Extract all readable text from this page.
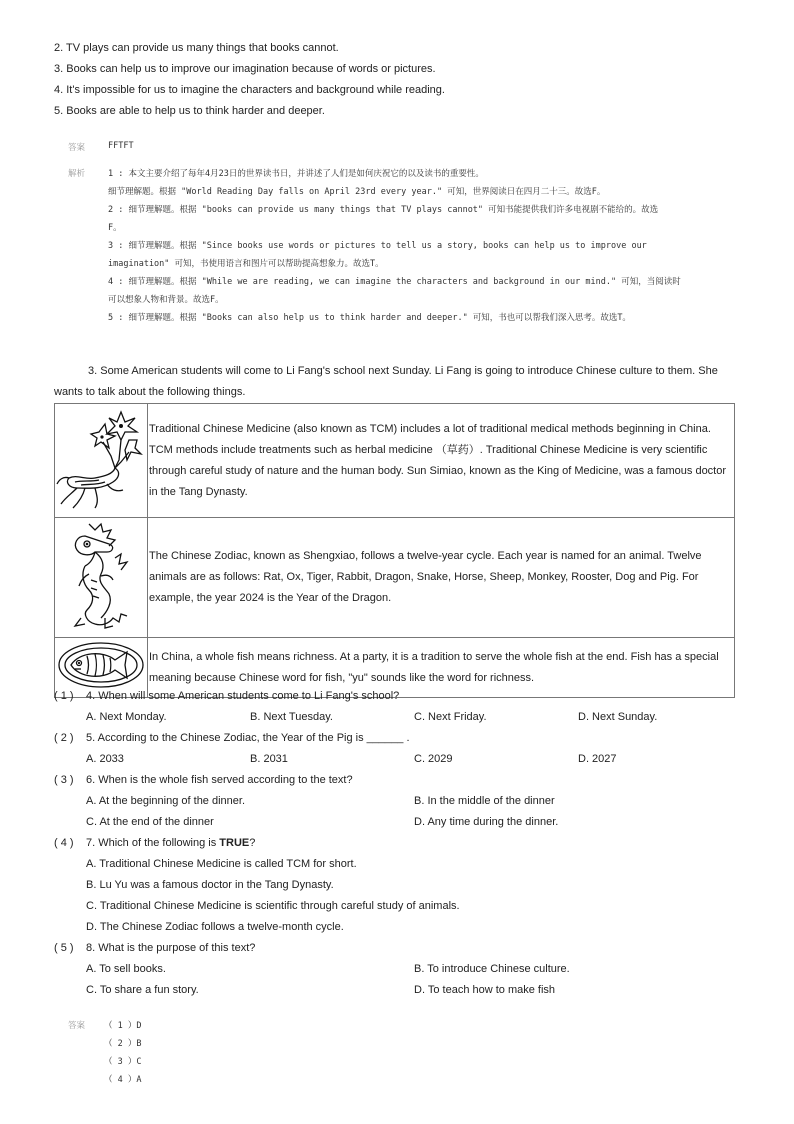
2. TV plays can provide us many things that books cannot.
3. Books can help us to improve our imagination because of words or pictures.
4. It's impossible for us to imagine the characters and background while reading.
5. Books are able to help us to think harder and deeper.
答案	FFTFT
解析	1 : 本文主要介绍了每年4月23日的世界读书日，并讲述了人们是如何庆祝它的以及读书的重要性。
细节理解题。根据 "World Reading Day falls on April 23rd every year." 可知，世界阅读日在四月二十三。故选F。
2 : 细节理解题。根据 "books can provide us many things that TV plays cannot" 可知书能提供我们许多电视剧不能给的。故选
F。
3 : 细节理解题。根据 "Since books use words or pictures to tell us a story, books can help us to improve our
imagination" 可知，书使用语言和图片可以帮助提高想象力。故选T。
4 : 细节理解题。根据 "While we are reading, we can imagine the characters and background in our mind." 可知，当阅读时
可以想象人物和背景。故选F。
5 : 细节理解题。根据 "Books can also help us to think harder and deeper." 可知，书也可以帮我们深入思考。故选T。
3. Some American students will come to Li Fang's school next Sunday. Li Fang is going to introduce Chinese culture to them. She wants to talk about the following things.
	Traditional Chinese Medicine (also known as TCM) includes a lot of traditional medical methods beginning in China. TCM methods include treatments such as herbal medicine （草药）. Traditional Chinese Medicine is very scientific through careful study of nature and the human body. Sun Simiao, known as the King of Medicine, was a famous doctor in the Tang Dynasty.
	The Chinese Zodiac, known as Shengxiao, follows a twelve-year cycle. Each year is named for an animal. Twelve animals are as follows: Rat, Ox, Tiger, Rabbit, Dragon, Snake, Horse, Sheep, Monkey, Rooster, Dog and Pig. For example, the year 2024 is the Year of the Dragon.
	In China, a whole fish means richness. At a party, it is a tradition to serve the whole fish at the end. Fish has a special meaning because Chinese word for fish, "yu" sounds like the word for richness.
( 1 ) 4. When will some American students come to Li Fang's school?
A. Next Monday.	B. Next Tuesday.	C. Next Friday.	D. Next Sunday.
( 2 ) 5. According to the Chinese Zodiac, the Year of the Pig is ______ .
A. 2033	B. 2031	C. 2029	D. 2027
( 3 ) 6. When is the whole fish served according to the text?
A. At the beginning of the dinner.	B. In the middle of the dinner
C. At the end of the dinner	D. Any time during the dinner.
( 4 ) 7. Which of the following is TRUE?
A. Traditional Chinese Medicine is called TCM for short.
B. Lu Yu was a famous doctor in the Tang Dynasty.
C. Traditional Chinese Medicine is scientific through careful study of animals.
D. The Chinese Zodiac follows a twelve-month cycle.
( 5 ) 8. What is the purpose of this text?
A. To sell books.	B. To introduce Chinese culture.
C. To share a fun story.	D. To teach how to make fish
答案 （ 1 ）D
（ 2 ）B
（ 3 ）C
（ 4 ）A
